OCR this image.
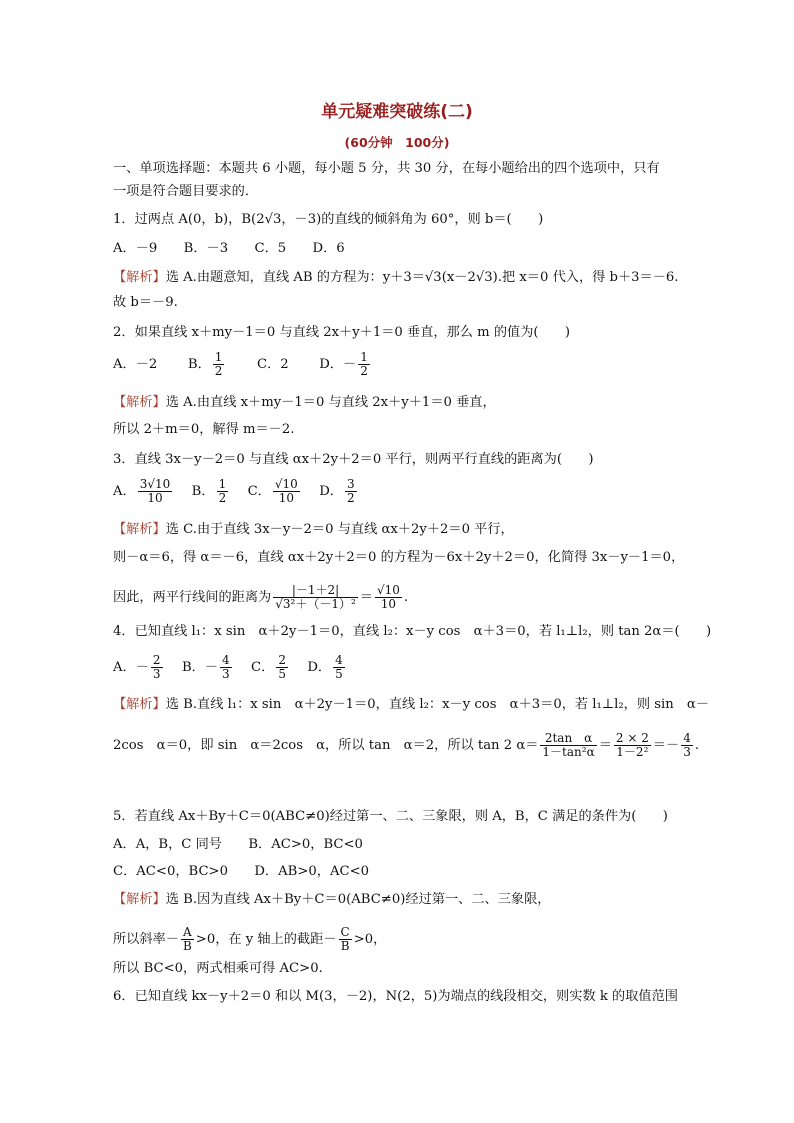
单元疑难突破练(二)
(60分钟　100分)
一、单项选择题：本题共 6 小题，每小题 5 分，共 30 分，在每小题给出的四个选项中，只有
一项是符合题目要求的．
1．过两点 A(0，b)，B(2√3，－3)的直线的倾斜角为 60°，则 b＝(　　)
A．－9　　B．－3　　C．5　　D．6
【解析】选 A.由题意知，直线 AB 的方程为：y＋3＝√3(x－2√3).把 x＝0 代入，得 b＋3＝－6.
故 b＝－9.
2．如果直线 x＋my－1＝0 与直线 2x＋y＋1＝0 垂直，那么 m 的值为(　　)
A．－2　　 B． $\frac{1}{2}$
　　 C．2　　 D．－ $\frac{1}{2}$
【解析】选 A.由直线 x＋my－1＝0 与直线 2x＋y＋1＝0 垂直，
所以 2＋m＝0，解得 m＝－2.
3．直线 3x－y－2＝0 与直线 αx＋2y＋2＝0 平行，则两平行直线的距离为(　　)
A． $\frac{3√10}{10}$
　 B． $\frac{1}{2}$
　 C． $\frac{√10}{10}$
　 D． $\frac{3}{2}$
【解析】选 C.由于直线 3x－y－2＝0 与直线 αx＋2y＋2＝0 平行，
则－α＝6，得 α＝－6，直线 αx＋2y＋2＝0 的方程为－6x＋2y＋2＝0，化简得 3x－y－1＝0，
因此，两平行线间的距离为 $\frac{|-1+2|}{\text{√3²＋（－1）²}} = \frac{√10}{10}$ .
4．已知直线 l₁：x sin　α＋2y－1＝0，直线 l₂：x－y cos　α＋3＝0，若 l₁⊥l₂，则 tan 2α＝(　　)
A．－ $\frac{2}{3}$
　 B．－ $\frac{4}{3}$
　 C． $\frac{2}{5}$
　 D． $\frac{4}{5}$
【解析】选 B.直线 l₁：x sin　α＋2y－1＝0，直线 l₂：x－y cos　α＋3＝0，若 l₁⊥l₂，则 sin　α－
2cos　α＝0，即 sin　α＝2cos　α，所以 tan　α＝2，所以 tan 2 $\alpha= \frac{\text{2tan　α}}{\text{1－tan²α}} = \frac{2 \times 2}{\text{1－2²}} =- \frac{4}{3}$ .
5．若直线 Ax＋By＋C＝0(ABC≠0)经过第一、二、三象限，则 A，B，C 满足的条件为(　　)
A．A，B，C 同号　　B．AC>0，BC<0
C．AC<0，BC>0　　D．AB>0，AC<0
【解析】选 B.因为直线 Ax＋By＋C＝0(ABC≠0)经过第一、二、三象限，
所以斜率－ $\frac{A}{B} >0$，在 y 轴上的截距－ $\frac{C}{B} >0$，
所以 BC<0，两式相乘可得 AC>0.
6．已知直线 kx－y＋2＝0 和以 M(3，－2)，N(2，5)为端点的线段相交，则实数 k 的取值范围
